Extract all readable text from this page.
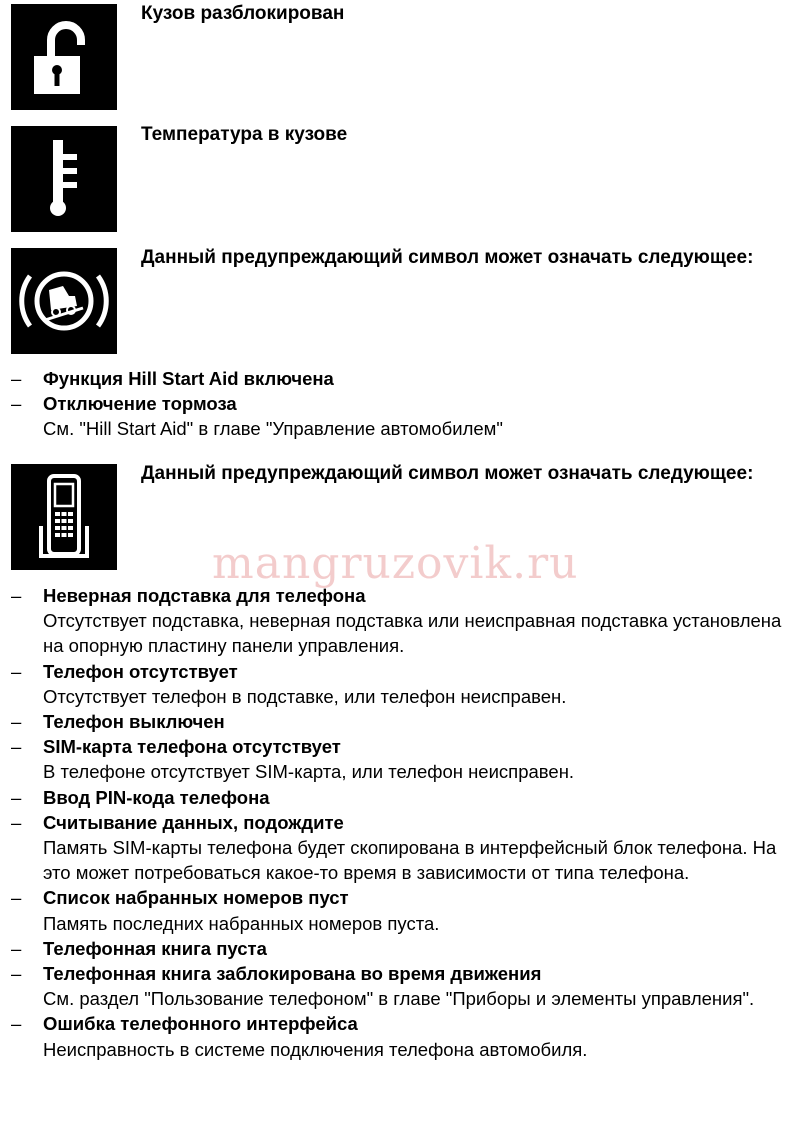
Кузов разблокирован
Температура в кузове
Данный предупреждающий символ может означать следующее:
– Функция Hill Start Aid включена
– Отключение тормоза
См. "Hill Start Aid" в главе "Управление автомобилем"
Данный предупреждающий символ может означать следующее:
mangruzovik.ru
– Неверная подставка для телефона
Отсутствует подставка, неверная подставка или неисправная подставка установлена на опорную пластину панели управления.
– Телефон отсутствует
Отсутствует телефон в подставке, или телефон неисправен.
– Телефон выключен
– SIM-карта телефона отсутствует
В телефоне отсутствует SIM-карта, или телефон неисправен.
– Ввод PIN-кода телефона
– Считывание данных, подождите
Память SIM-карты телефона будет скопирована в интерфейсный блок телефона. На это может потребоваться какое-то время в зависимости от типа телефона.
– Список набранных номеров пуст
Память последних набранных номеров пуста.
– Телефонная книга пуста
– Телефонная книга заблокирована во время движения
См. раздел "Пользование телефоном" в главе "Приборы и элементы управления".
– Ошибка телефонного интерфейса
Неисправность в системе подключения телефона автомобиля.
